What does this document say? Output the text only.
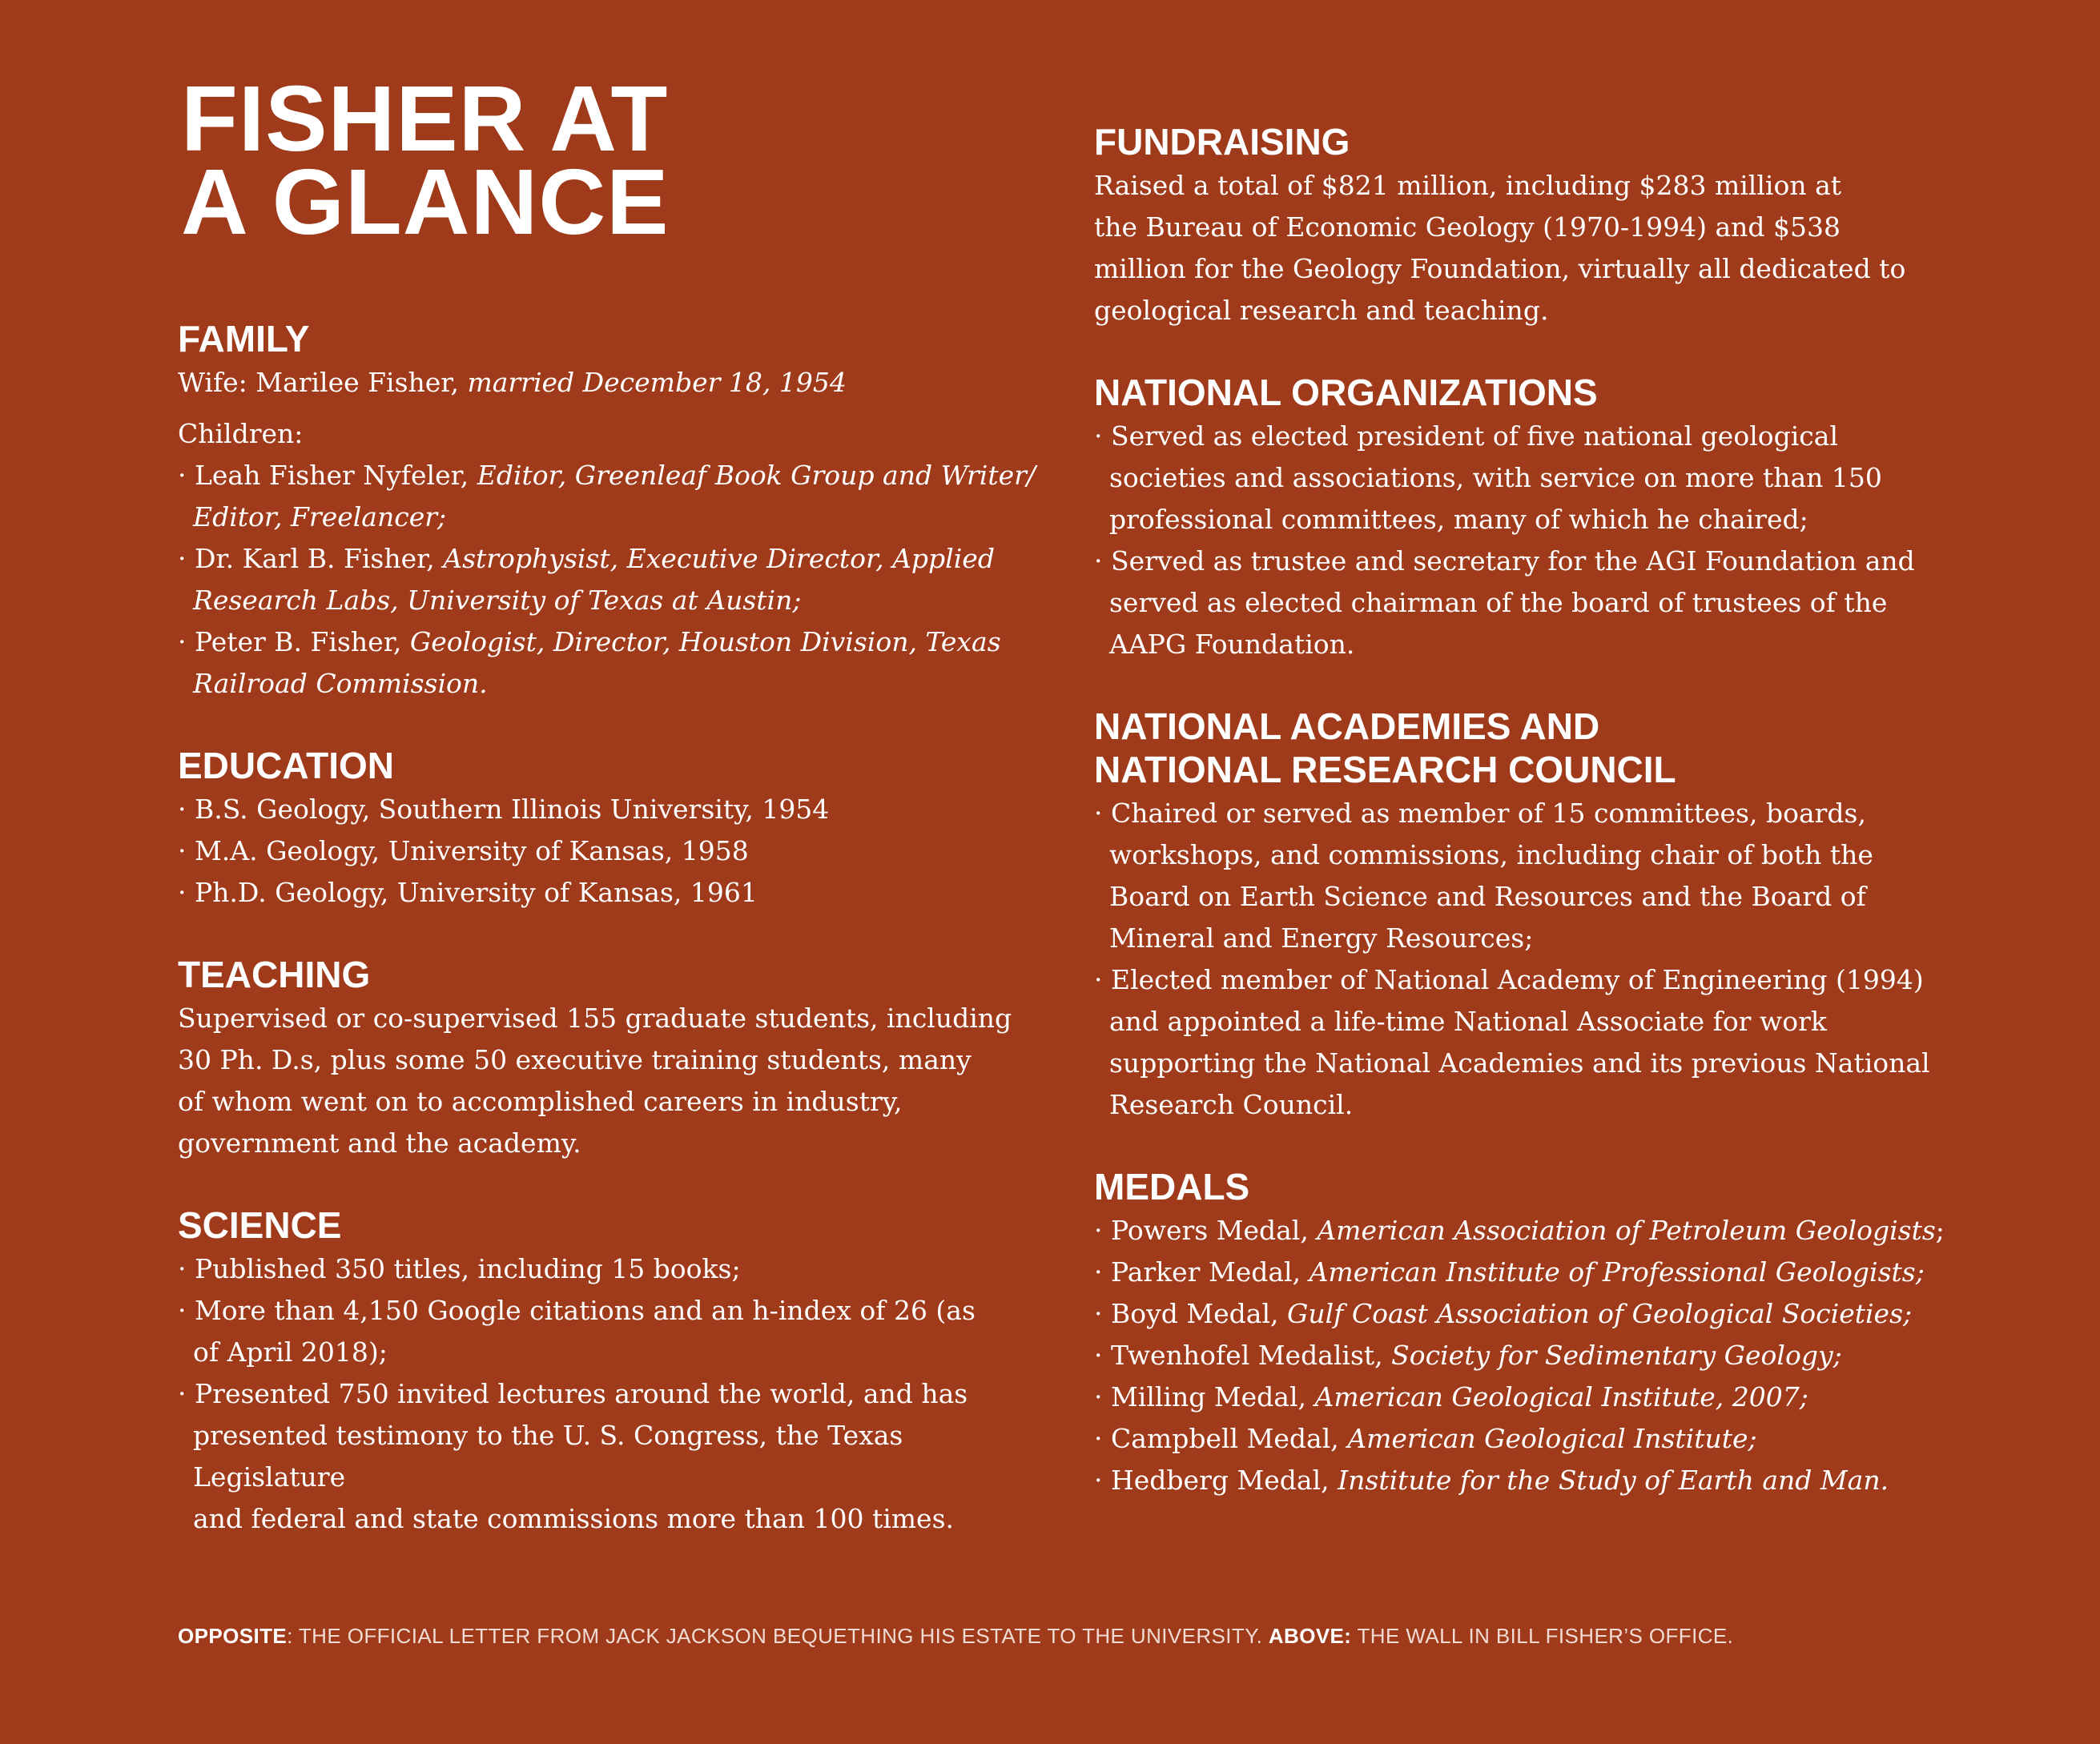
FISHER AT
A GLANCE
FAMILY
Wife: Marilee Fisher, married December 18, 1954
Children:
· Leah Fisher Nyfeler, Editor, Greenleaf Book Group and Writer/
Editor, Freelancer;
· Dr. Karl B. Fisher, Astrophysist, Executive Director, Applied
Research Labs, University of Texas at Austin;
· Peter B. Fisher, Geologist, Director, Houston Division, Texas
Railroad Commission.
EDUCATION
· B.S. Geology, Southern Illinois University, 1954
· M.A. Geology, University of Kansas, 1958
· Ph.D. Geology, University of Kansas, 1961
TEACHING
Supervised or co-supervised 155 graduate students, including
30 Ph. D.s, plus some 50 executive training students, many
of whom went on to accomplished careers in industry,
government and the academy.
SCIENCE
· Published 350 titles, including 15 books;
· More than 4,150 Google citations and an h-index of 26 (as
of April 2018);
· Presented 750 invited lectures around the world, and has
presented testimony to the U. S. Congress, the Texas Legislature
and federal and state commissions more than 100 times.
FUNDRAISING
Raised a total of $821 million, including $283 million at
the Bureau of Economic Geology (1970-1994) and $538
million for the Geology Foundation, virtually all dedicated to
geological research and teaching.
NATIONAL ORGANIZATIONS
· Served as elected president of five national geological
societies and associations, with service on more than 150
professional committees, many of which he chaired;
· Served as trustee and secretary for the AGI Foundation and
served as elected chairman of the board of trustees of the
AAPG Foundation.
NATIONAL ACADEMIES AND
NATIONAL RESEARCH COUNCIL
· Chaired or served as member of 15 committees, boards,
workshops, and commissions, including chair of both the
Board on Earth Science and Resources and the Board of
Mineral and Energy Resources;
· Elected member of National Academy of Engineering (1994)
and appointed a life-time National Associate for work
supporting the National Academies and its previous National
Research Council.
MEDALS
· Powers Medal, American Association of Petroleum Geologists;
· Parker Medal, American Institute of Professional Geologists;
· Boyd Medal, Gulf Coast Association of Geological Societies;
· Twenhofel Medalist, Society for Sedimentary Geology;
· Milling Medal, American Geological Institute, 2007;
· Campbell Medal, American Geological Institute;
· Hedberg Medal, Institute for the Study of Earth and Man.
OPPOSITE: THE OFFICIAL LETTER FROM JACK JACKSON BEQUETHING HIS ESTATE TO THE UNIVERSITY. ABOVE: THE WALL IN BILL FISHER’S OFFICE.
